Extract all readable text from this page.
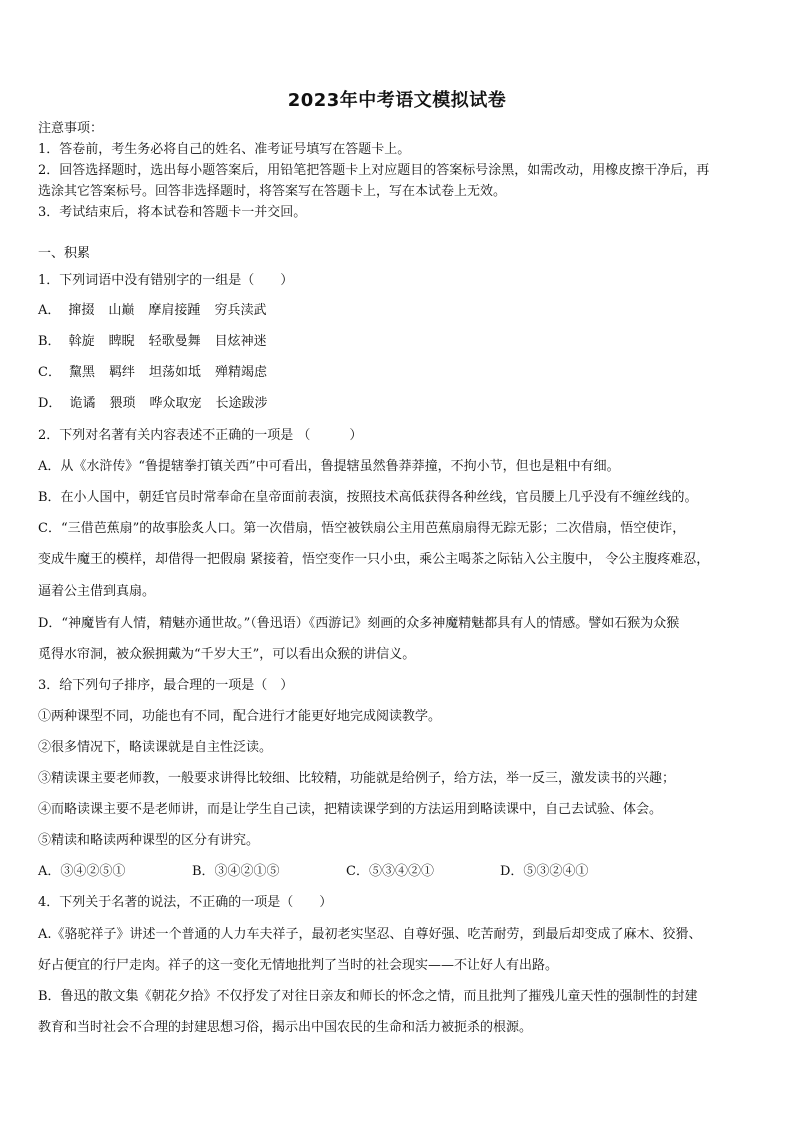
2023年中考语文模拟试卷
注意事项：
1．答卷前，考生务必将自己的姓名、准考证号填写在答题卡上。
2．回答选择题时，选出每小题答案后，用铅笔把答题卡上对应题目的答案标号涂黑，如需改动，用橡皮擦干净后，再
选涂其它答案标号。回答非选择题时，将答案写在答题卡上，写在本试卷上无效。
3．考试结束后，将本试卷和答题卡一并交回。
一、积累
1．下列词语中没有错别字的一组是（　　）
A． 撺掇 山巅 摩肩接踵 穷兵渎武
B． 斡旋 睥睨 轻歌曼舞 目炫神迷
C． 黧黑 羁绊 坦荡如坻 殚精竭虑
D． 诡谲 猥琐 哗众取宠 长途跋涉
2．下列对名著有关内容表述不正确的一项是 （　　　）
A．从《水浒传》“鲁提辖拳打镇关西”中可看出，鲁提辖虽然鲁莽莽撞，不拘小节，但也是粗中有细。
B．在小人国中，朝廷官员时常奉命在皇帝面前表演，按照技术高低获得各种丝线，官员腰上几乎没有不缠丝线的。
C．“三借芭蕉扇”的故事脍炙人口。第一次借扇，悟空被铁扇公主用芭蕉扇扇得无踪无影；二次借扇，悟空使诈，
变成牛魔王的模样，却借得一把假扇 紧接着，悟空变作一只小虫，乘公主喝茶之际钻入公主腹中， 令公主腹疼难忍，
逼着公主借到真扇。
D．“神魔皆有人情，精魅亦通世故。”（鲁迅语）《西游记》刻画的众多神魔精魅都具有人的情感。譬如石猴为众猴
觅得水帘洞，被众猴拥戴为“千岁大王”，可以看出众猴的讲信义。
3．给下列句子排序，最合理的一项是（　）
①两种课型不同，功能也有不同，配合进行才能更好地完成阅读教学。
②很多情况下，略读课就是自主性泛读。
③精读课主要老师教，一般要求讲得比较细、比较精，功能就是给例子，给方法，举一反三，激发读书的兴趣；
④而略读课主要不是老师讲，而是让学生自己读，把精读课学到的方法运用到略读课中，自己去试验、体会。
⑤精读和略读两种课型的区分有讲究。
A．③④②⑤①	B．③④②①⑤	C．⑤③④②①	D．⑤③②④①
4．下列关于名著的说法，不正确的一项是（　　）
A.《骆驼祥子》讲述一个普通的人力车夫祥子，最初老实坚忍、自尊好强、吃苦耐劳，到最后却变成了麻木、狡猾、
好占便宜的行尸走肉。祥子的这一变化无情地批判了当时的社会现实——不让好人有出路。
B．鲁迅的散文集《朝花夕拾》不仅抒发了对往日亲友和师长的怀念之情，而且批判了摧残儿童天性的强制性的封建
教育和当时社会不合理的封建思想习俗，揭示出中国农民的生命和活力被扼杀的根源。
